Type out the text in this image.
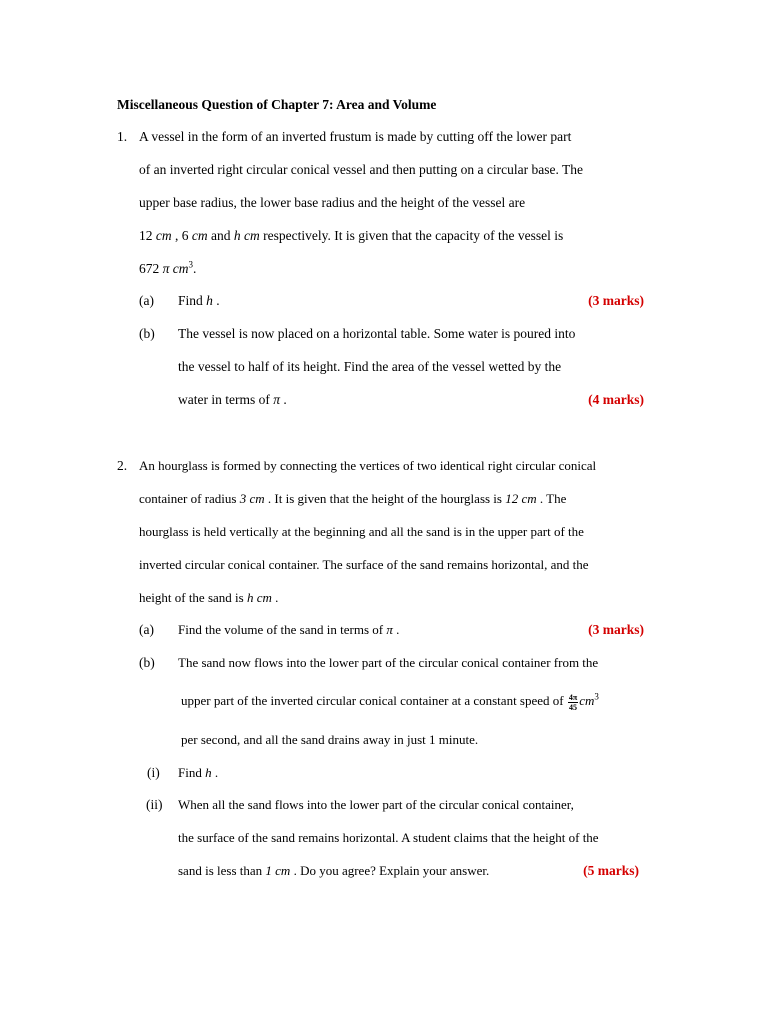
Miscellaneous Question of Chapter 7: Area and Volume
1. A vessel in the form of an inverted frustum is made by cutting off the lower part
of an inverted right circular conical vessel and then putting on a circular base. The
upper base radius, the lower base radius and the height of the vessel are
12 cm , 6 cm and h cm respectively. It is given that the capacity of the vessel is
672 π $cm^3$.
(a) Find h .	(3 marks)
(b) The vessel is now placed on a horizontal table. Some water is poured into
the vessel to half of its height. Find the area of the vessel wetted by the
water in terms of π .	(4 marks)
2. An hourglass is formed by connecting the vertices of two identical right circular conical
container of radius 3 cm . It is given that the height of the hourglass is 12 cm . The
hourglass is held vertically at the beginning and all the sand is in the upper part of the
inverted circular conical container. The surface of the sand remains horizontal, and the
height of the sand is h cm .
(a) Find the volume of the sand in terms of π .	(3 marks)
(b) The sand now flows into the lower part of the circular conical container from the
upper part of the inverted circular conical container at a constant speed of $\frac{4\pi}{45} cm^3$
per second, and all the sand drains away in just 1 minute.
(i) Find h .
(ii) When all the sand flows into the lower part of the circular conical container,
the surface of the sand remains horizontal. A student claims that the height of the
sand is less than 1 cm . Do you agree? Explain your answer.	(5 marks)
